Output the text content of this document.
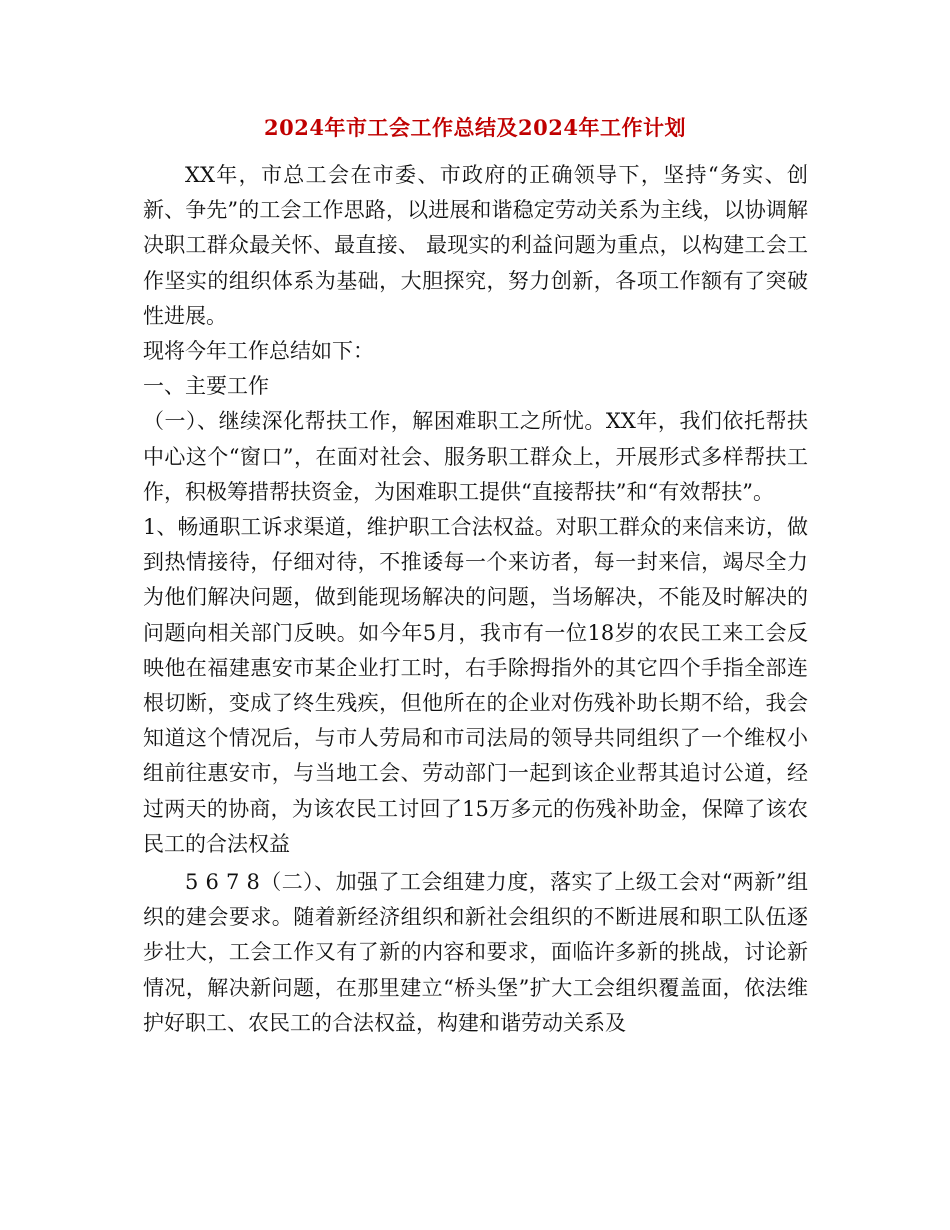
2024年市工会工作总结及2024年工作计划

XX年，市总工会在市委、市政府的正确领导下，坚持“务实、创新、争先”的工会工作思路，以进展和谐稳定劳动关系为主线，以协调解决职工群众最关怀、最直接、 最现实的利益问题为重点，以构建工会工作坚实的组织体系为基础，大胆探究，努力创新，各项工作额有了突破性进展。

现将今年工作总结如下：

一、主要工作

（一）、继续深化帮扶工作，解困难职工之所忧。XX年，我们依托帮扶中心这个“窗口”，在面对社会、服务职工群众上，开展形式多样帮扶工作，积极筹措帮扶资金，为困难职工提供“直接帮扶”和“有效帮扶”。

1、畅通职工诉求渠道，维护职工合法权益。对职工群众的来信来访，做到热情接待，仔细对待，不推诿每一个来访者，每一封来信，竭尽全力为他们解决问题，做到能现场解决的问题，当场解决，不能及时解决的问题向相关部门反映。如今年5月，我市有一位18岁的农民工来工会反映他在福建惠安市某企业打工时，右手除拇指外的其它四个手指全部连根切断，变成了终生残疾，但他所在的企业对伤残补助长期不给，我会知道这个情况后，与市人劳局和市司法局的领导共同组织了一个维权小组前往惠安市，与当地工会、劳动部门一起到该企业帮其追讨公道，经过两天的协商，为该农民工讨回了15万多元的伤残补助金，保障了该农民工的合法权益

5 6 7 8（二）、加强了工会组建力度，落实了上级工会对“两新”组织的建会要求。随着新经济组织和新社会组织的不断进展和职工队伍逐步壮大，工会工作又有了新的内容和要求，面临许多新的挑战，讨论新情况，解决新问题，在那里建立“桥头堡”扩大工会组织覆盖面，依法维护好职工、农民工的合法权益，构建和谐劳动关系及
